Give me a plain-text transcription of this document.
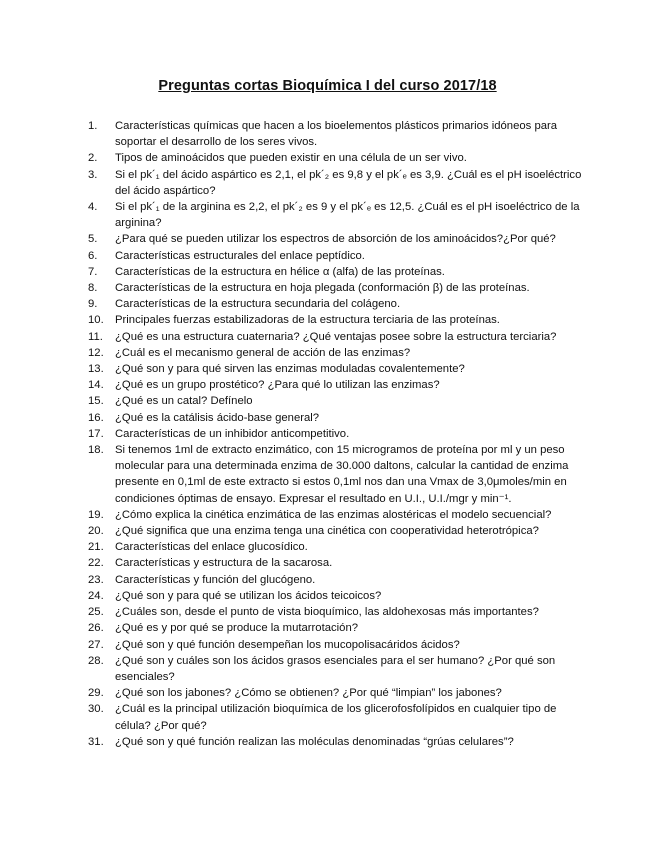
Preguntas cortas Bioquímica I del curso 2017/18
1.	Características químicas que hacen a los bioelementos plásticos primarios idóneos para soportar el desarrollo de los seres vivos.
2.	Tipos de aminoácidos que pueden existir en una célula de un ser vivo.
3.	Si el pk´₁ del ácido aspártico es 2,1, el pk´₂ es 9,8 y el pk´ₑ es 3,9. ¿Cuál es el pH isoeléctrico del ácido aspártico?
4.	Si el pk´₁ de la arginina es 2,2, el pk´₂ es 9 y el pk´ₑ es 12,5. ¿Cuál es el pH isoeléctrico de la arginina?
5.	¿Para qué se pueden utilizar los espectros de absorción de los aminoácidos?¿Por qué?
6.	Características estructurales del enlace peptídico.
7.	Características de la estructura en hélice α (alfa) de las proteínas.
8.	Características de la estructura en hoja plegada (conformación β) de las proteínas.
9.	Características de la estructura secundaria del colágeno.
10. Principales fuerzas estabilizadoras de la estructura terciaria de las proteínas.
11.	¿Qué es una estructura cuaternaria? ¿Qué ventajas posee sobre la estructura terciaria?
12. ¿Cuál es el mecanismo general de acción de las enzimas?
13. ¿Qué son y para qué sirven las enzimas moduladas covalentemente?
14. ¿Qué es un grupo prostético? ¿Para qué lo utilizan las enzimas?
15. ¿Qué es un catal? Defínelo
16. ¿Qué es la catálisis ácido-base general?
17. Características de un inhibidor anticompetitivo.
18. Si tenemos 1ml de extracto enzimático, con 15 microgramos de proteína por ml y un peso molecular para una determinada enzima de 30.000 daltons, calcular la cantidad de enzima presente en 0,1ml de este extracto si estos 0,1ml nos dan una Vmax de 3,0μmoles/min en condiciones óptimas de ensayo. Expresar el resultado en U.I., U.I./mgr y min⁻¹.
19. ¿Cómo explica la cinética enzimática de las enzimas alostéricas el modelo secuencial?
20. ¿Qué significa que una enzima tenga una cinética con cooperatividad heterotrópica?
21. Características del enlace glucosídico.
22. Características y estructura de la sacarosa.
23. Características y función del glucógeno.
24. ¿Qué son y para qué se utilizan los ácidos teicoicos?
25. ¿Cuáles son, desde el punto de vista bioquímico, las aldohexosas más importantes?
26. ¿Qué es y por qué se produce la mutarrotación?
27. ¿Qué son y qué función desempeñan los mucopolisacáridos ácidos?
28. ¿Qué son y cuáles son los ácidos grasos esenciales para el ser humano? ¿Por qué son esenciales?
29. ¿Qué son los jabones? ¿Cómo se obtienen? ¿Por qué “limpian” los jabones?
30. ¿Cuál es la principal utilización bioquímica de los glicerofosfolípidos en cualquier tipo de célula? ¿Por qué?
31. ¿Qué son y qué función realizan las moléculas denominadas “grúas celulares”?
